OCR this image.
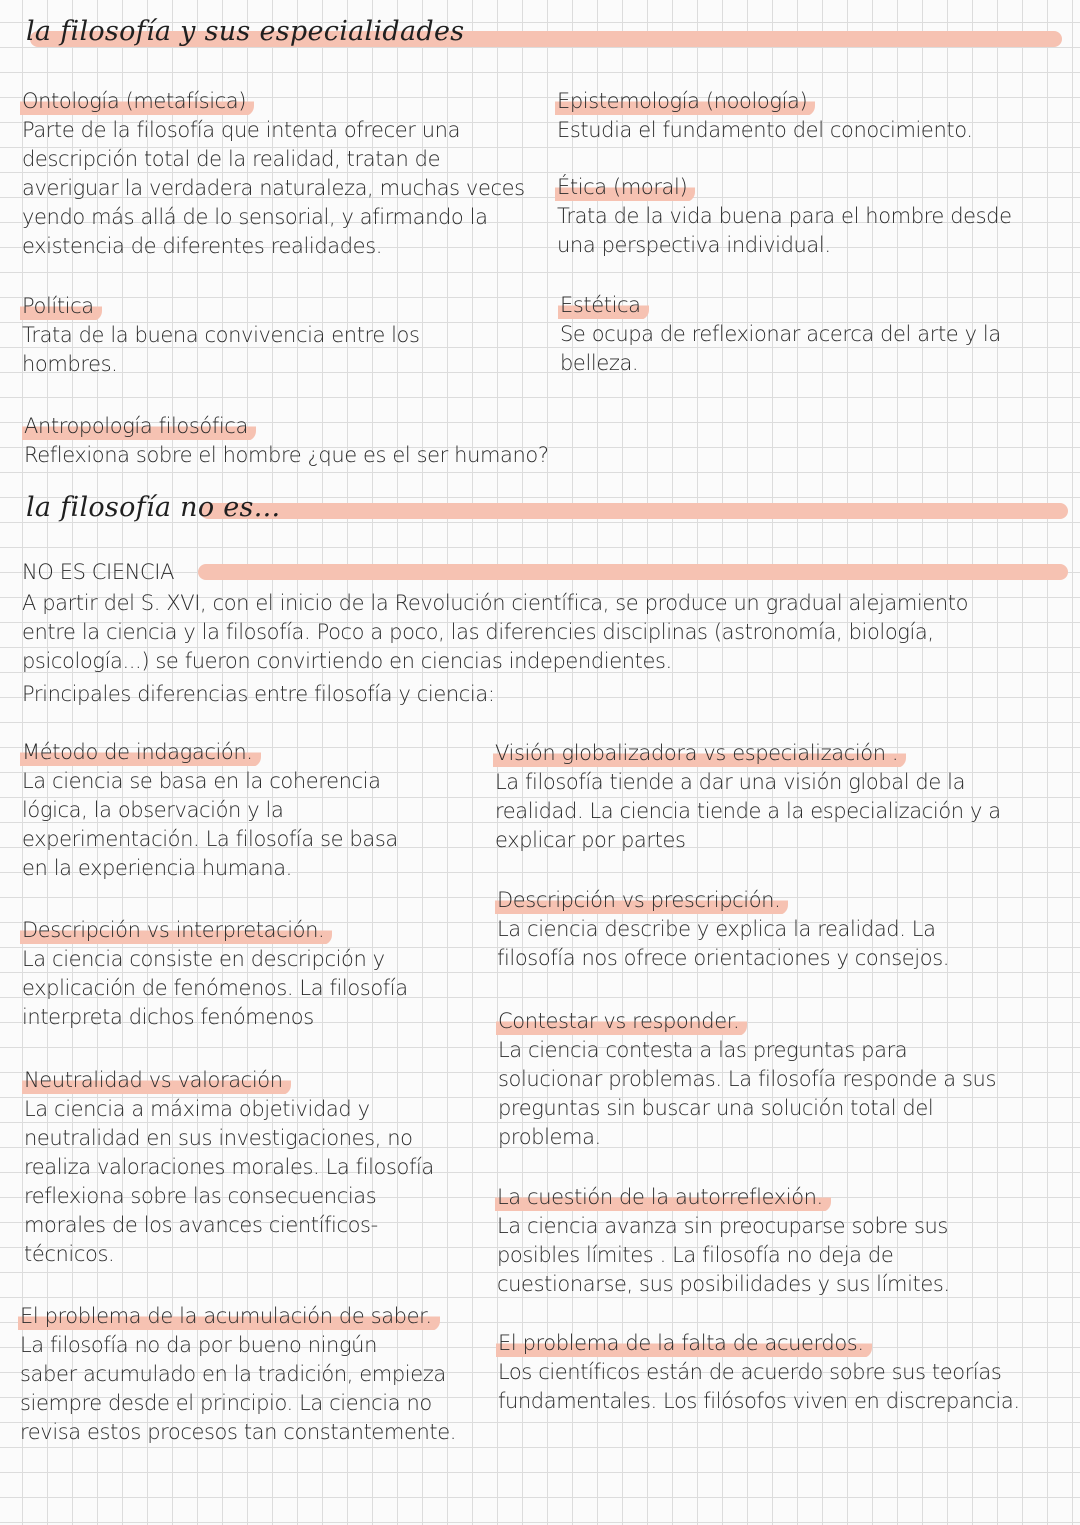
la filosofía y sus especialidades
Ontología (metafísica)

Parte de la filosofía que intenta ofrecer una
descripción total de la realidad, tratan de
averiguar la verdadera naturaleza, muchas veces
yendo más allá de lo sensorial, y afirmando la
existencia de diferentes realidades.

Epistemología (noología)

Estudia el fundamento del conocimiento.

Ética (moral)

Trata de la vida buena para el hombre desde
una perspectiva individual.

Política

Trata de la buena convivencia entre los
hombres.

Estética

Se ocupa de reflexionar acerca del arte y la
belleza.

Antropología filosófica

Reflexiona sobre el hombre ¿que es el ser humano?

la filosofía no es...
NO ES CIENCIA

A partir del S. XVI, con el inicio de la Revolución científica, se produce un gradual alejamiento
entre la ciencia y la filosofía. Poco a poco, las diferencies disciplinas (astronomía, biología,
psicología...) se fueron convirtiendo en ciencias independientes.

Principales diferencias entre filosofía y ciencia:

Método de indagación.

La ciencia se basa en la coherencia
lógica, la observación y la
experimentación. La filosofía se basa
en la experiencia humana.

Descripción vs interpretación.

La ciencia consiste en descripción y
explicación de fenómenos. La filosofía
interpreta dichos fenómenos

Neutralidad vs valoración

La ciencia a máxima objetividad y
neutralidad en sus investigaciones, no
realiza valoraciones morales. La filosofía
reflexiona sobre las consecuencias
morales de los avances científicos-
técnicos.

El problema de la acumulación de saber.

La filosofía no da por bueno ningún
saber acumulado en la tradición, empieza
siempre desde el principio. La ciencia no
revisa estos procesos tan constantemente.

Visión globalizadora vs especialización .

La filosofía tiende a dar una visión global de la
realidad. La ciencia tiende a la especialización y a
explicar por partes

Descripción vs prescripción.

La ciencia describe y explica la realidad. La
filosofía nos ofrece orientaciones y consejos.

Contestar vs responder.

La ciencia contesta a las preguntas para
solucionar problemas. La filosofía responde a sus
preguntas sin buscar una solución total del
problema.

La cuestión de la autorreflexión.

La ciencia avanza sin preocuparse sobre sus
posibles límites . La filosofía no deja de
cuestionarse, sus posibilidades y sus límites.

El problema de la falta de acuerdos.

Los científicos están de acuerdo sobre sus teorías
fundamentales. Los filósofos viven en discrepancia.
